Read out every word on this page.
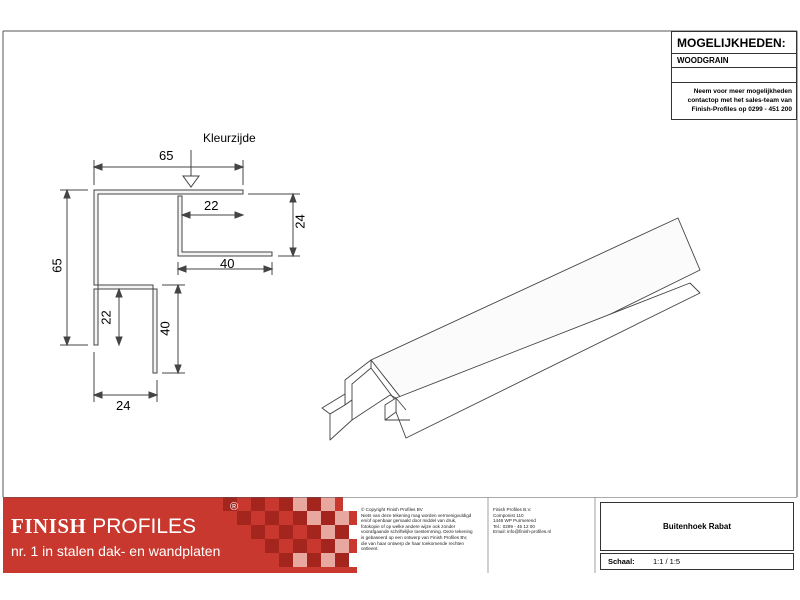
MOGELIJKHEDEN:
WOODGRAIN
Neem voor meer mogelijkheden
contactop met het sales-team van
Finish-Profiles op 0299 - 451 200
Kleurzijde
65
65
22
24
40
22
40
24
FINISH PROFILES
®
nr. 1 in stalen dak- en wandplaten
© Copyright Finish Profiles BV
Niets van deze tekening mag worden vermenigvuldigd
en/of openbaar gemaakt door middel van druk,
fotokopie of op welke andere wijze ook zonder
voorafgaande schriftelijke toestemming. Deze tekening
is gebaseerd op een ontwerp van Finish Profiles BV,
die van haar ontwerp de haar toekomende rechten
ontleent.
Finish Profiles B.V.
Componist 110
1446 WP Purmerend
Tel.: 0299 - 45 12 00
Email: info@finish-profiles.nl
Buitenhoek Rabat
Schaal: 1:1 / 1:5
